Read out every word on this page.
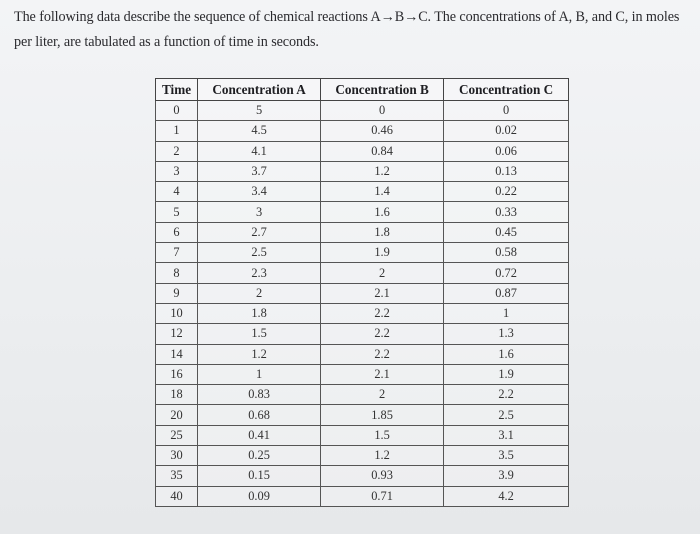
The following data describe the sequence of chemical reactions A→B→C. The concentrations of A, B, and C, in moles per liter, are tabulated as a function of time in seconds.
Time	Concentration A	Concentration B	Concentration C
0	5	0	0
1	4.5	0.46	0.02
2	4.1	0.84	0.06
3	3.7	1.2	0.13
4	3.4	1.4	0.22
5	3	1.6	0.33
6	2.7	1.8	0.45
7	2.5	1.9	0.58
8	2.3	2	0.72
9	2	2.1	0.87
10	1.8	2.2	1
12	1.5	2.2	1.3
14	1.2	2.2	1.6
16	1	2.1	1.9
18	0.83	2	2.2
20	0.68	1.85	2.5
25	0.41	1.5	3.1
30	0.25	1.2	3.5
35	0.15	0.93	3.9
40	0.09	0.71	4.2
